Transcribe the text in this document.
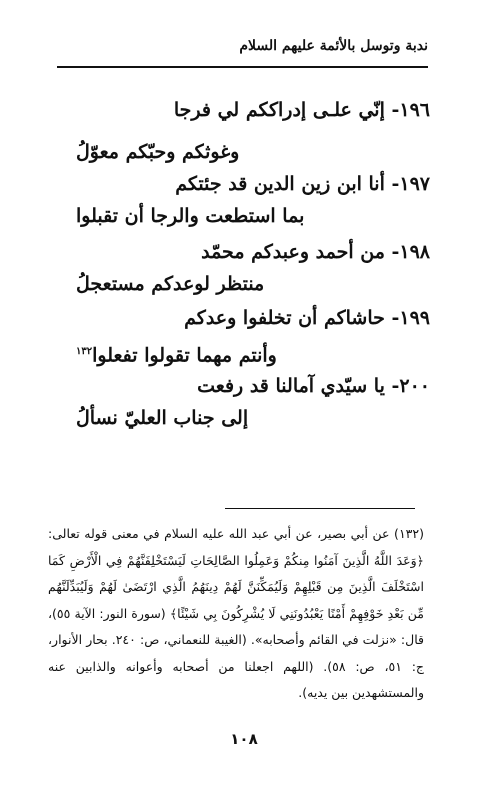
ندبة وتوسل بالأئمة عليهم السلام
١٩٦- إنّي علـى إدراككم لي فرجا
وغوثكم وحبّكم معوّلُ
١٩٧- أنا ابن زين الدين قد جئتكم
بما استطعت والرجا أن تقبلوا
١٩٨- من أحمد وعبدكم محمّد
منتظر لوعدكم مستعجلُ
١٩٩- حاشاكم أن تخلفوا وعدكم
وأنتم مهما تقولوا تفعلوا$^{١٣٢}$
٢٠٠- يا سيّدي آمالنا قد رفعت
إلى جناب العليّ نسألُ
(١٣٢) عن أبي بصير، عن أبي عبد الله عليه السلام في معنى قوله تعالى: ﴿وَعَدَ اللَّهُ الَّذِينَ آمَنُوا مِنكُمْ وَعَمِلُوا الصَّالِحَاتِ لَيَسْتَخْلِفَنَّهُمْ فِي الْأَرْضِ كَمَا اسْتَخْلَفَ الَّذِينَ مِن قَبْلِهِمْ وَلَيُمَكِّنَنَّ لَهُمْ دِينَهُمُ الَّذِي ارْتَضَىٰ لَهُمْ وَلَيُبَدِّلَنَّهُم مِّن بَعْدِ خَوْفِهِمْ أَمْنًا يَعْبُدُونَنِي لَا يُشْرِكُونَ بِي شَيْئًا﴾ (سورة النور: الآية ٥٥)، قال: «نزلت في القائم وأصحابه». (الغيبة للنعماني، ص: ٢٤٠. بحار الأنوار، ج: ٥١، ص: ٥٨). (اللهم اجعلنا من أصحابه وأعوانه والذابين عنه والمستشهدين بين يديه).
١٠٨
